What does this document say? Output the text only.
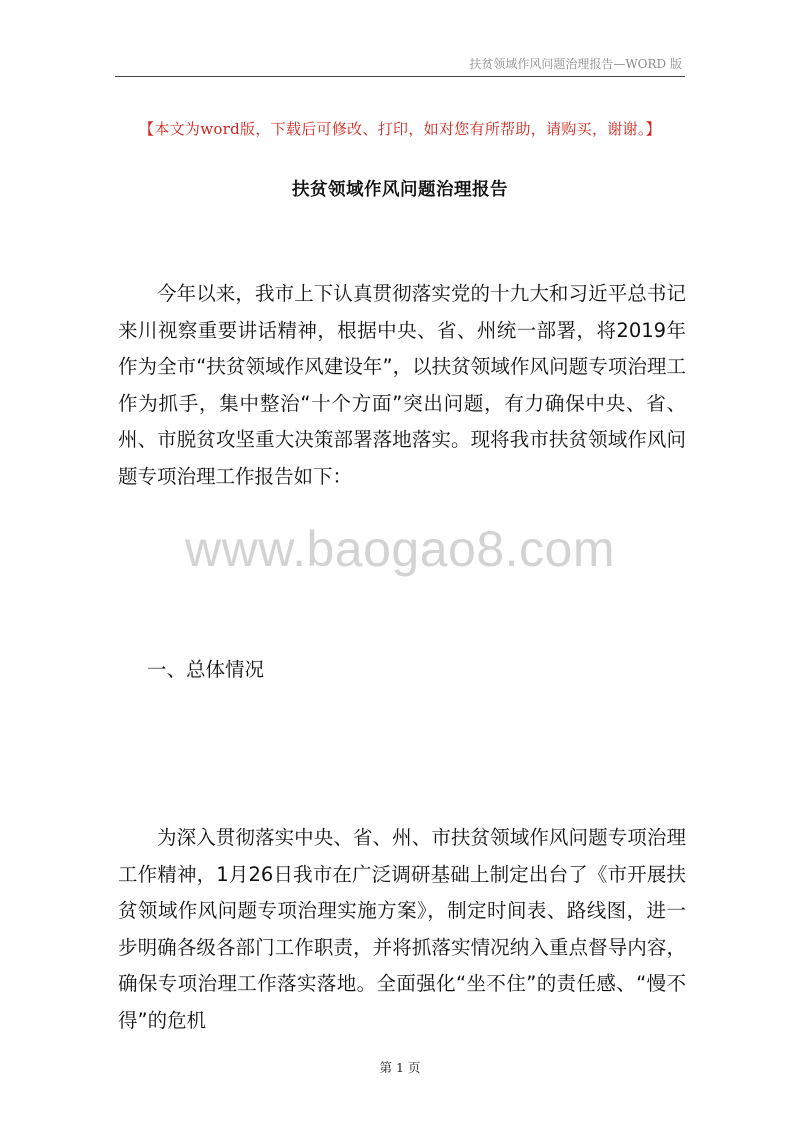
扶贫领域作风问题治理报告—WORD 版
【本文为word版，下载后可修改、打印，如对您有所帮助，请购买，谢谢。】
扶贫领域作风问题治理报告

今年以来，我市上下认真贯彻落实党的十九大和习近平总书记来川视察重要讲话精神，根据中央、省、州统一部署，将2019年作为全市“扶贫领域作风建设年”，以扶贫领域作风问题专项治理工作为抓手，集中整治“十个方面”突出问题，有力确保中央、省、州、市脱贫攻坚重大决策部署落地落实。现将我市扶贫领域作风问题专项治理工作报告如下：

www.baogao8.com
一、总体情况

为深入贯彻落实中央、省、州、市扶贫领域作风问题专项治理工作精神，1月26日我市在广泛调研基础上制定出台了《市开展扶贫领域作风问题专项治理实施方案》，制定时间表、路线图，进一步明确各级各部门工作职责，并将抓落实情况纳入重点督导内容，确保专项治理工作落实落地。全面强化“坐不住”的责任感、“慢不得”的危机

第 1 页
